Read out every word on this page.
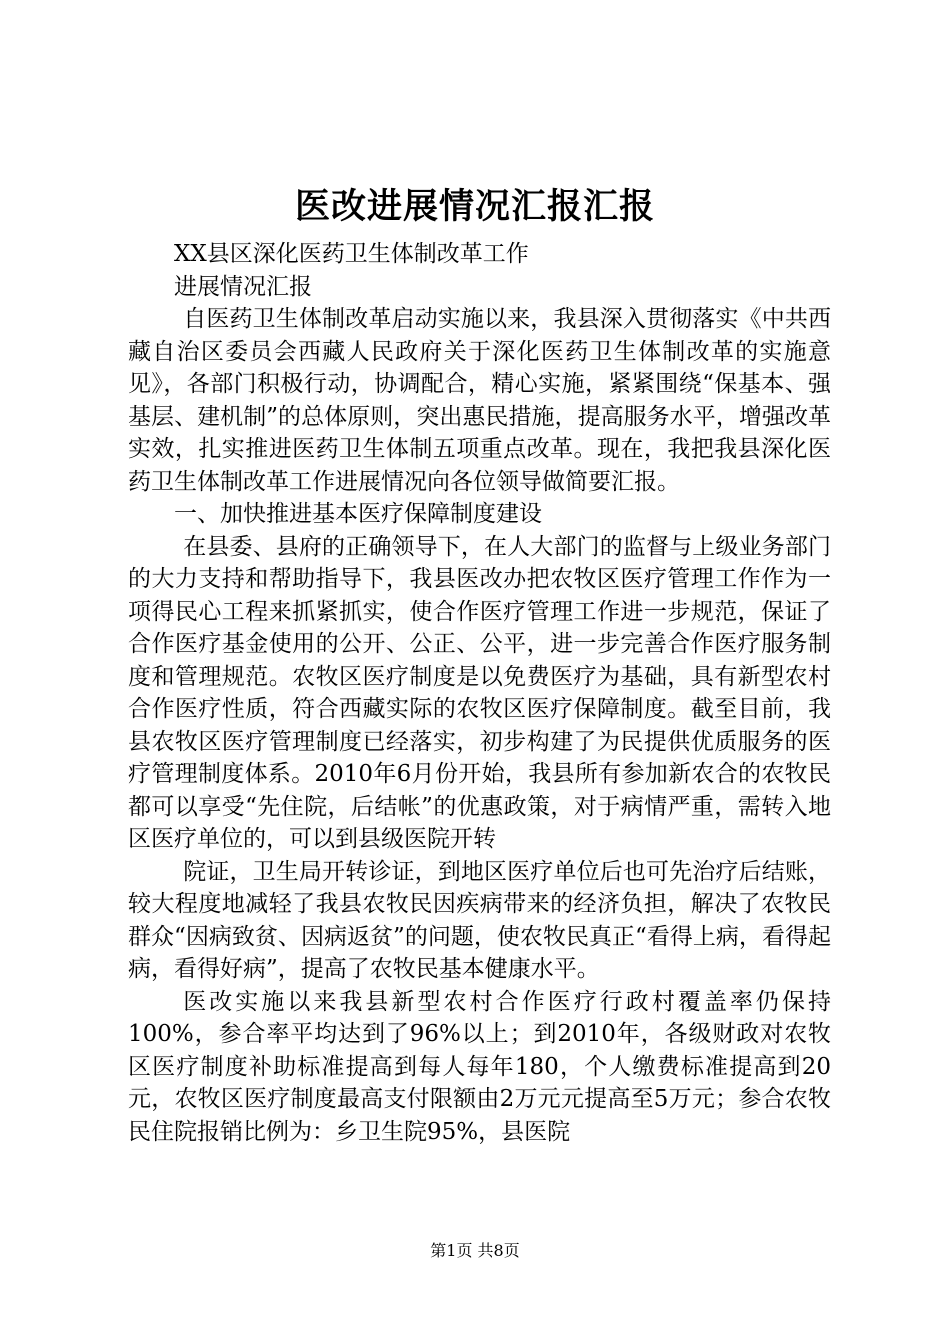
医改进展情况汇报汇报

XX县区深化医药卫生体制改革工作

进展情况汇报

自医药卫生体制改革启动实施以来，我县深入贯彻落实《中共西藏自治区委员会西藏人民政府关于深化医药卫生体制改革的实施意见》，各部门积极行动，协调配合，精心实施，紧紧围绕“保基本、强基层、建机制”的总体原则，突出惠民措施，提高服务水平，增强改革实效，扎实推进医药卫生体制五项重点改革。现在，我把我县深化医药卫生体制改革工作进展情况向各位领导做简要汇报。

一、加快推进基本医疗保障制度建设

在县委、县府的正确领导下，在人大部门的监督与上级业务部门的大力支持和帮助指导下，我县医改办把农牧区医疗管理工作作为一项得民心工程来抓紧抓实，使合作医疗管理工作进一步规范，保证了合作医疗基金使用的公开、公正、公平，进一步完善合作医疗服务制度和管理规范。农牧区医疗制度是以免费医疗为基础，具有新型农村合作医疗性质，符合西藏实际的农牧区医疗保障制度。截至目前，我县农牧区医疗管理制度已经落实，初步构建了为民提供优质服务的医疗管理制度体系。2010年6月份开始，我县所有参加新农合的农牧民都可以享受“先住院，后结帐”的优惠政策，对于病情严重，需转入地区医疗单位的，可以到县级医院开转

院证，卫生局开转诊证，到地区医疗单位后也可先治疗后结账，较大程度地减轻了我县农牧民因疾病带来的经济负担，解决了农牧民群众“因病致贫、因病返贫”的问题，使农牧民真正“看得上病，看得起病，看得好病”，提高了农牧民基本健康水平。

医改实施以来我县新型农村合作医疗行政村覆盖率仍保持100%，参合率平均达到了96%以上；到2010年，各级财政对农牧区医疗制度补助标准提高到每人每年180，个人缴费标准提高到20元，农牧区医疗制度最高支付限额由2万元元提高至5万元；参合农牧民住院报销比例为：乡卫生院95%，县医院

第1页 共8页
